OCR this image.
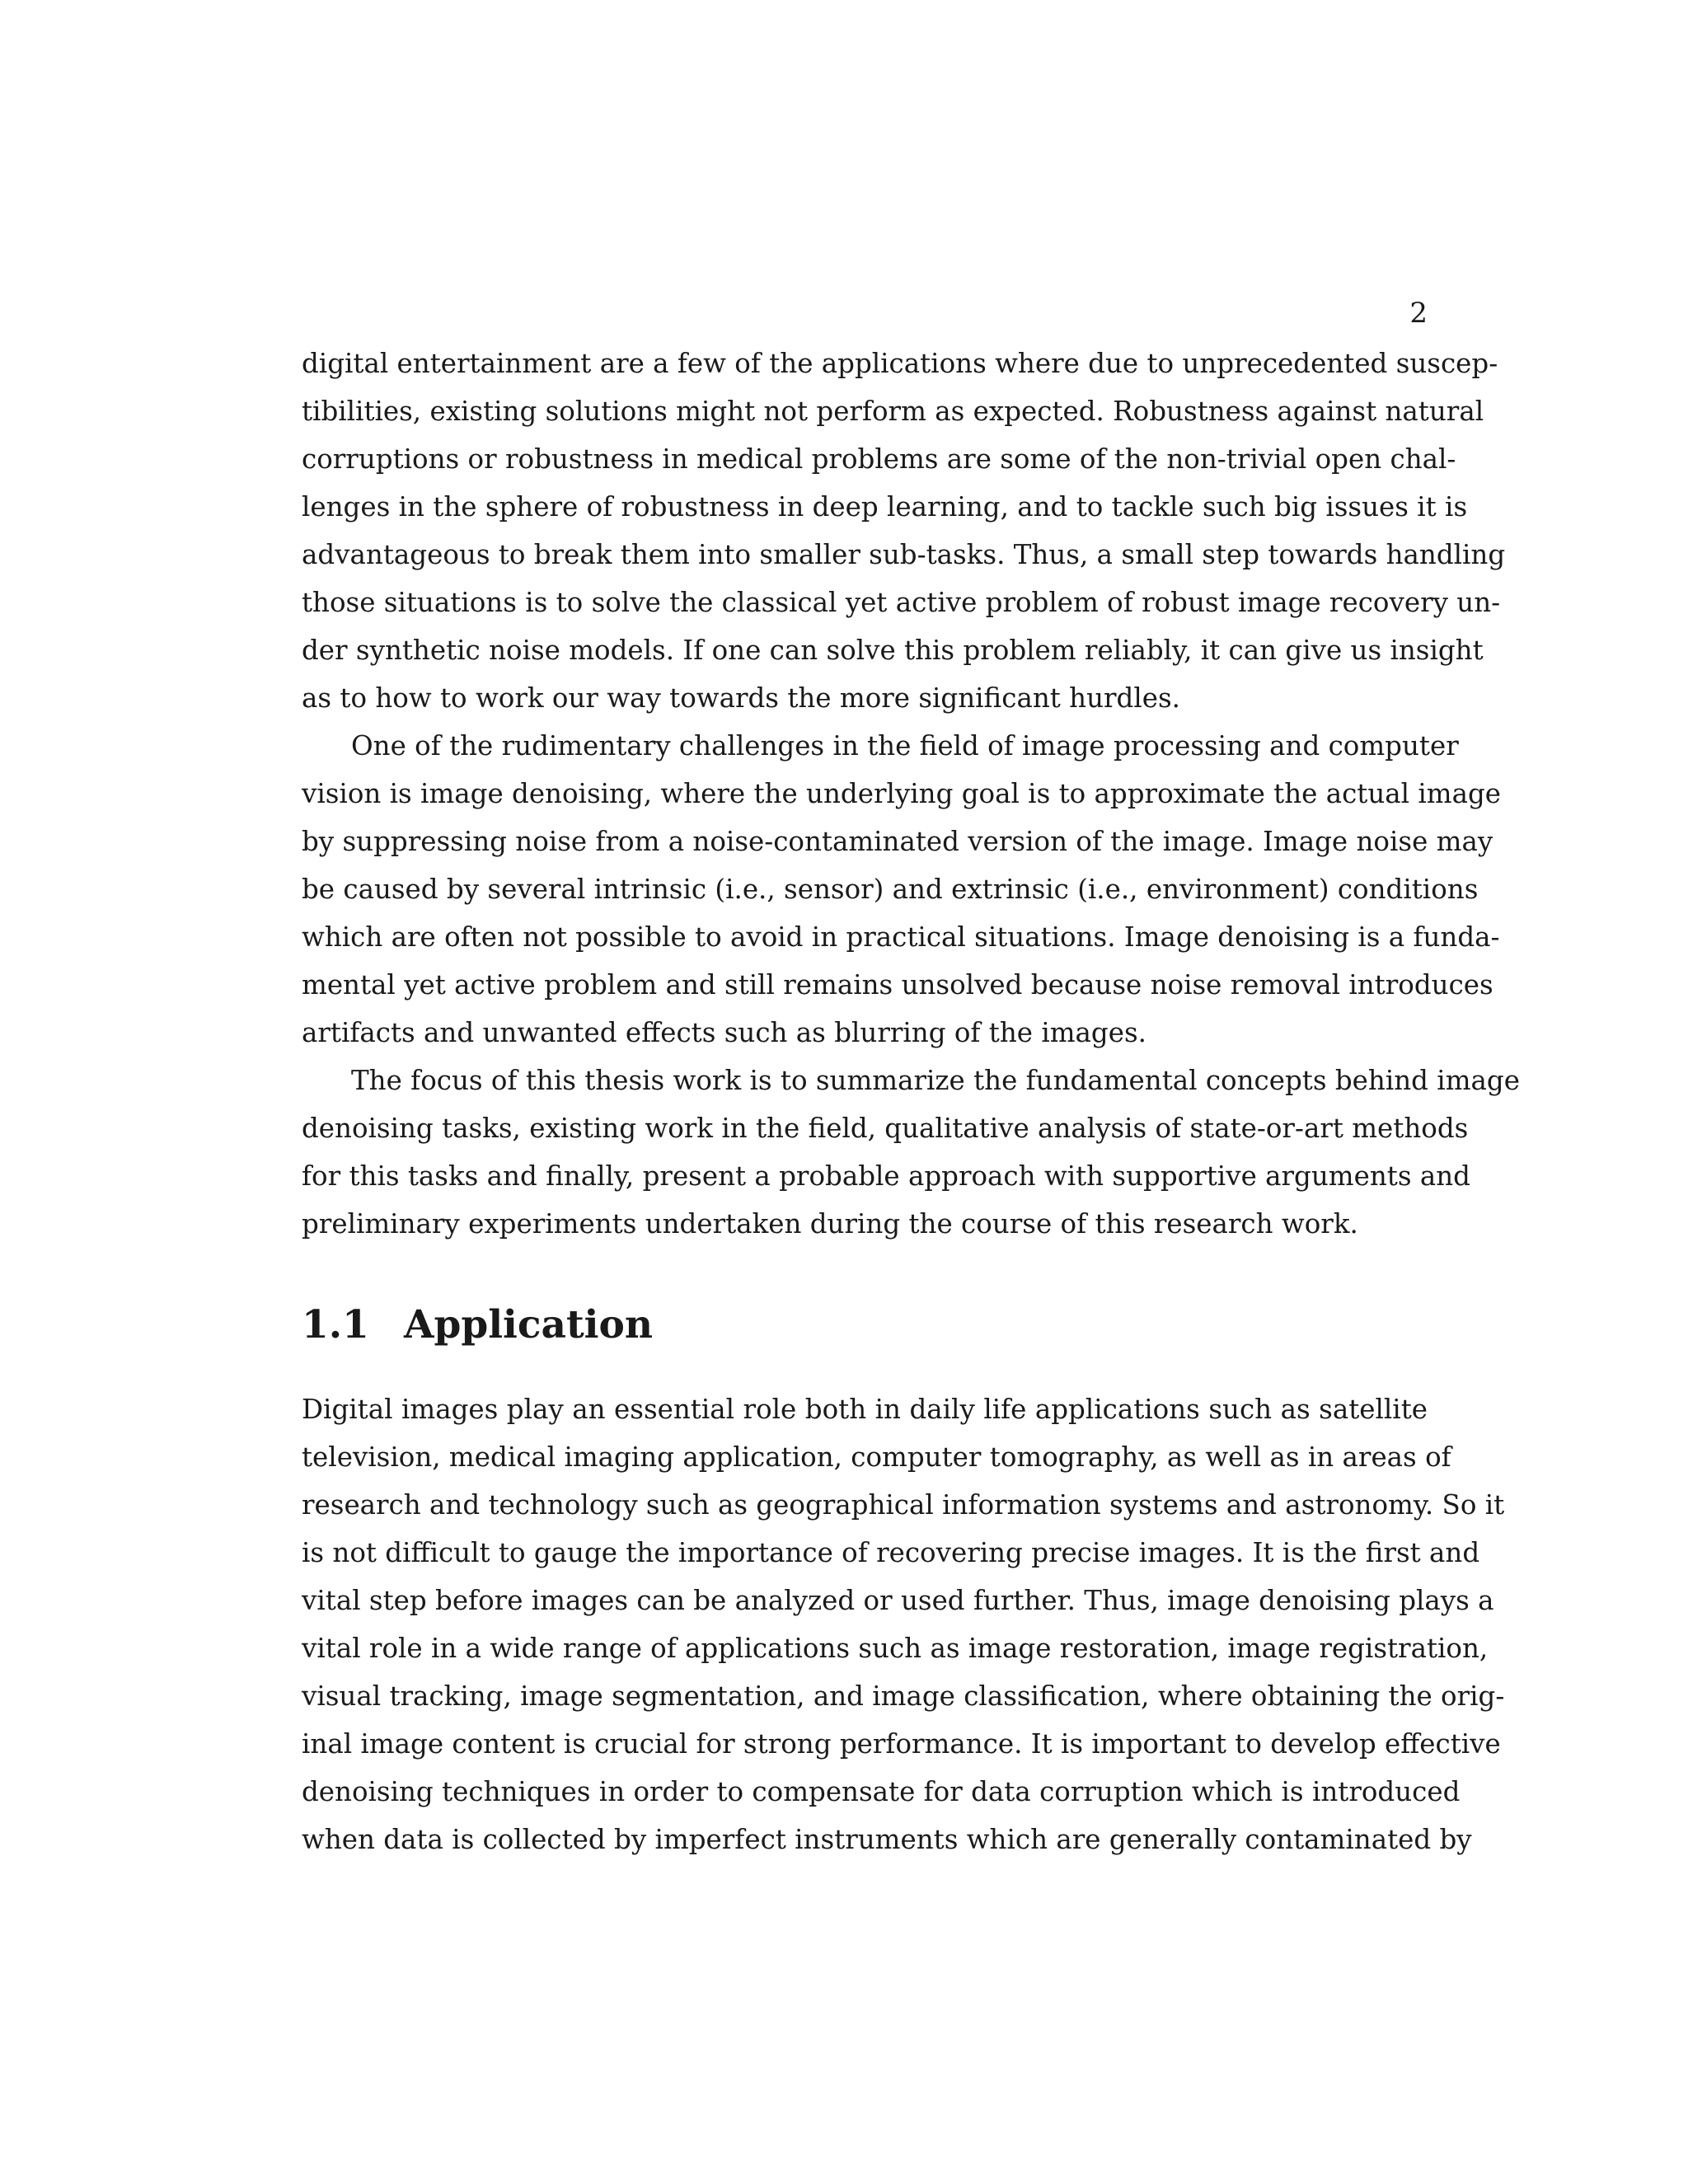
2
digital entertainment are a few of the applications where due to unprecedented suscep-
tibilities, existing solutions might not perform as expected. Robustness against natural
corruptions or robustness in medical problems are some of the non-trivial open chal-
lenges in the sphere of robustness in deep learning, and to tackle such big issues it is
advantageous to break them into smaller sub-tasks. Thus, a small step towards handling
those situations is to solve the classical yet active problem of robust image recovery un-
der synthetic noise models. If one can solve this problem reliably, it can give us insight
as to how to work our way towards the more significant hurdles.
One of the rudimentary challenges in the field of image processing and computer
vision is image denoising, where the underlying goal is to approximate the actual image
by suppressing noise from a noise-contaminated version of the image. Image noise may
be caused by several intrinsic (i.e., sensor) and extrinsic (i.e., environment) conditions
which are often not possible to avoid in practical situations. Image denoising is a funda-
mental yet active problem and still remains unsolved because noise removal introduces
artifacts and unwanted effects such as blurring of the images.
The focus of this thesis work is to summarize the fundamental concepts behind image
denoising tasks, existing work in the field, qualitative analysis of state-or-art methods
for this tasks and finally, present a probable approach with supportive arguments and
preliminary experiments undertaken during the course of this research work.
1.1 Application
Digital images play an essential role both in daily life applications such as satellite
television, medical imaging application, computer tomography, as well as in areas of
research and technology such as geographical information systems and astronomy. So it
is not difficult to gauge the importance of recovering precise images. It is the first and
vital step before images can be analyzed or used further. Thus, image denoising plays a
vital role in a wide range of applications such as image restoration, image registration,
visual tracking, image segmentation, and image classification, where obtaining the orig-
inal image content is crucial for strong performance. It is important to develop effective
denoising techniques in order to compensate for data corruption which is introduced
when data is collected by imperfect instruments which are generally contaminated by
